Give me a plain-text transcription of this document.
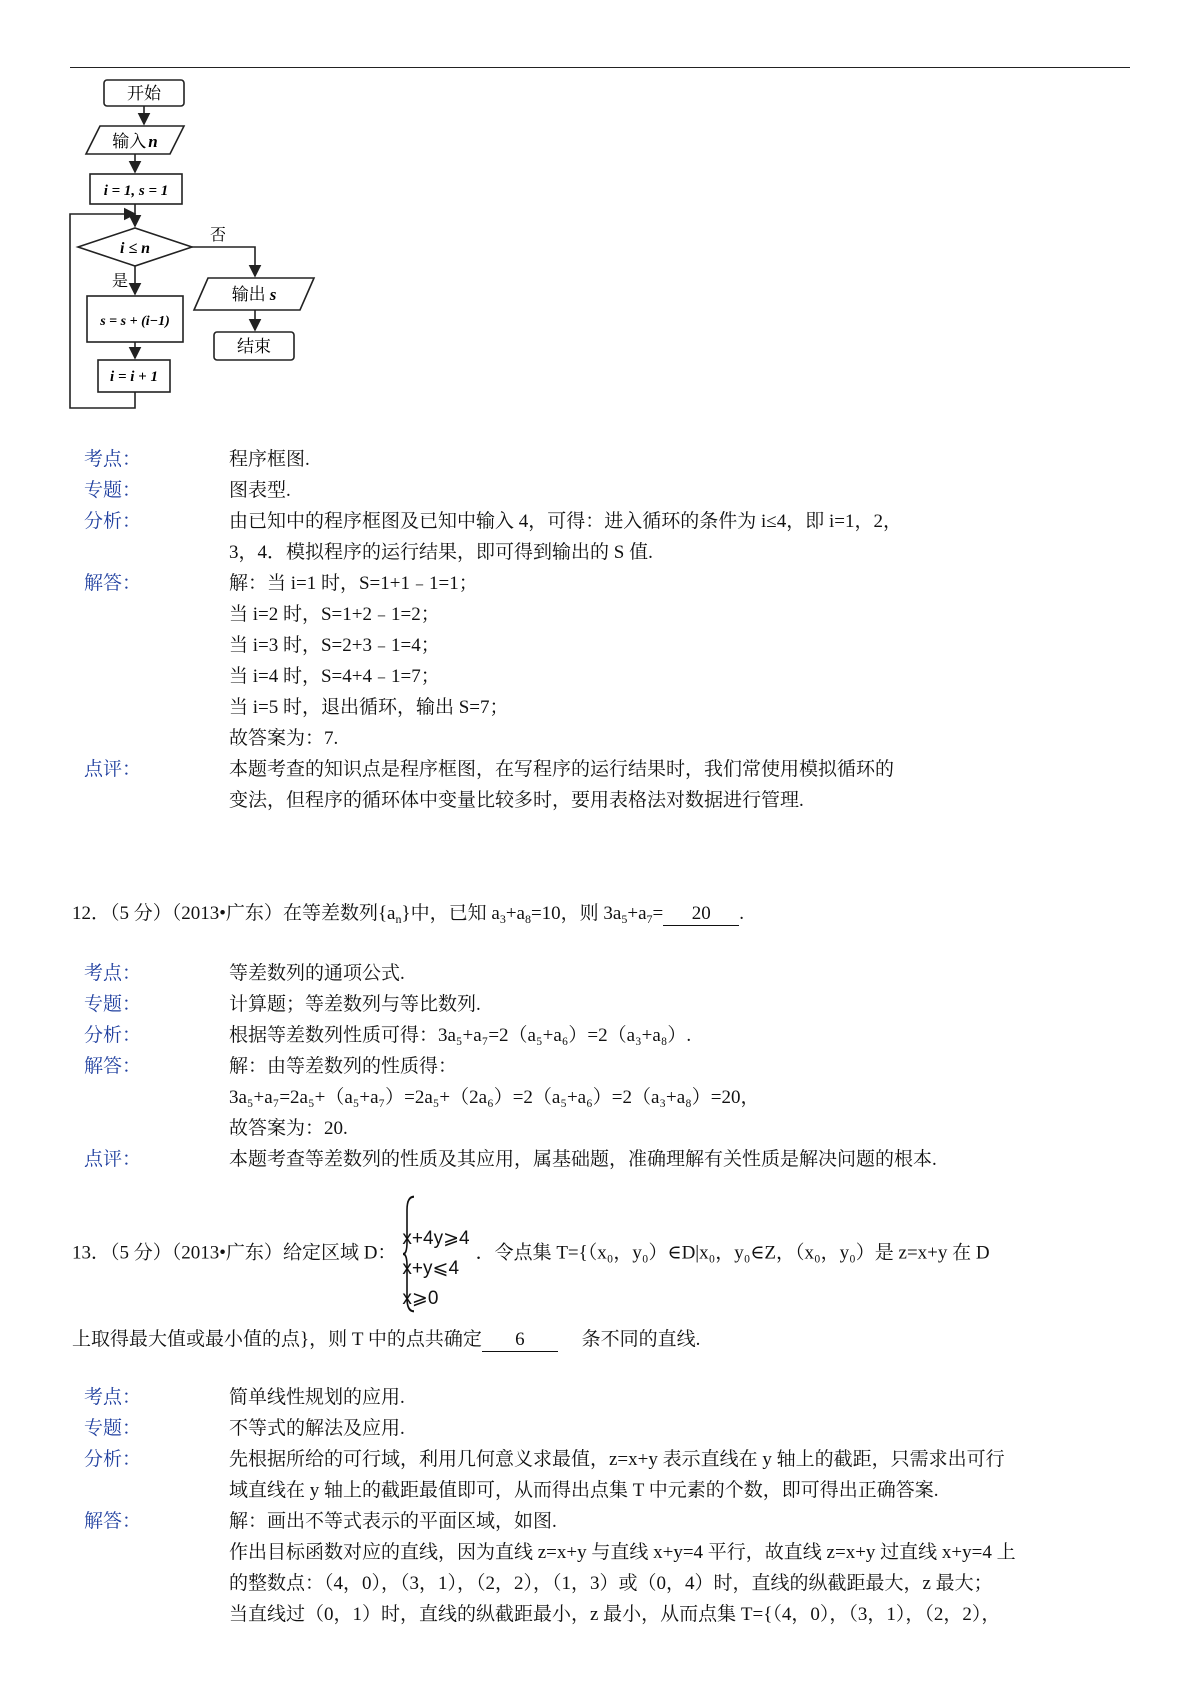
开始
输入 n
i = 1, s = 1
i ≤ n
否
是
输出 s
结束
s = s + (i−1)
i = i + 1
考点：	程序框图.
专题：	图表型.
分析：	由已知中的程序框图及已知中输入 4，可得：进入循环的条件为 i≤4，即 i=1，2，
3，4．模拟程序的运行结果，即可得到输出的 S 值.
解答：	解：当 i=1 时，S=1+1﹣1=1；
当 i=2 时，S=1+2﹣1=2；
当 i=3 时，S=2+3﹣1=4；
当 i=4 时，S=4+4﹣1=7；
当 i=5 时，退出循环，输出 S=7；
故答案为：7.
点评：	本题考查的知识点是程序框图，在写程序的运行结果时，我们常使用模拟循环的
变法，但程序的循环体中变量比较多时，要用表格法对数据进行管理.
12．（5 分）（2013•广东）在等差数列$\{a_n\}$中，已知 $a_3+a_8=10$，则 $3a_5+a_7= 20$ .
考点：	等差数列的通项公式.
专题：	计算题；等差数列与等比数列.
分析：	根据等差数列性质可得：3a₅+a₇=2（a₅+a₆）=2（a₃+a₈）.
解答：	解：由等差数列的性质得：
3a₅+a₇=2a₅+（a₅+a₇）=2a₅+（2a₆）=2（a₅+a₆）=2（a₃+a₈）=20，
故答案为：20.
点评：	本题考查等差数列的性质及其应用，属基础题，准确理解有关性质是解决问题的根本.
13．（5 分）（2013•广东）给定区域 D：
x+4y⩾4
x+y⩽4
x⩾0
．令点集 T={（x₀，y₀）∈D|x₀，y₀∈Z，（x₀，y₀）是 z=x+y 在 D
上取得最大值或最小值的点}，则 T 中的点共确定 6	条不同的直线.
考点：	简单线性规划的应用.
专题：	不等式的解法及应用.
分析：	先根据所给的可行域，利用几何意义求最值，z=x+y 表示直线在 y 轴上的截距，只需求出可行
域直线在 y 轴上的截距最值即可，从而得出点集 T 中元素的个数，即可得出正确答案.
解答：	解：画出不等式表示的平面区域，如图.
作出目标函数对应的直线，因为直线 z=x+y 与直线 x+y=4 平行，故直线 z=x+y 过直线 x+y=4 上
的整数点：（4，0），（3，1），（2，2），（1，3）或（0，4）时，直线的纵截距最大，z 最大；
当直线过（0，1）时，直线的纵截距最小，z 最小，从而点集 T={（4，0），（3，1），（2，2），
